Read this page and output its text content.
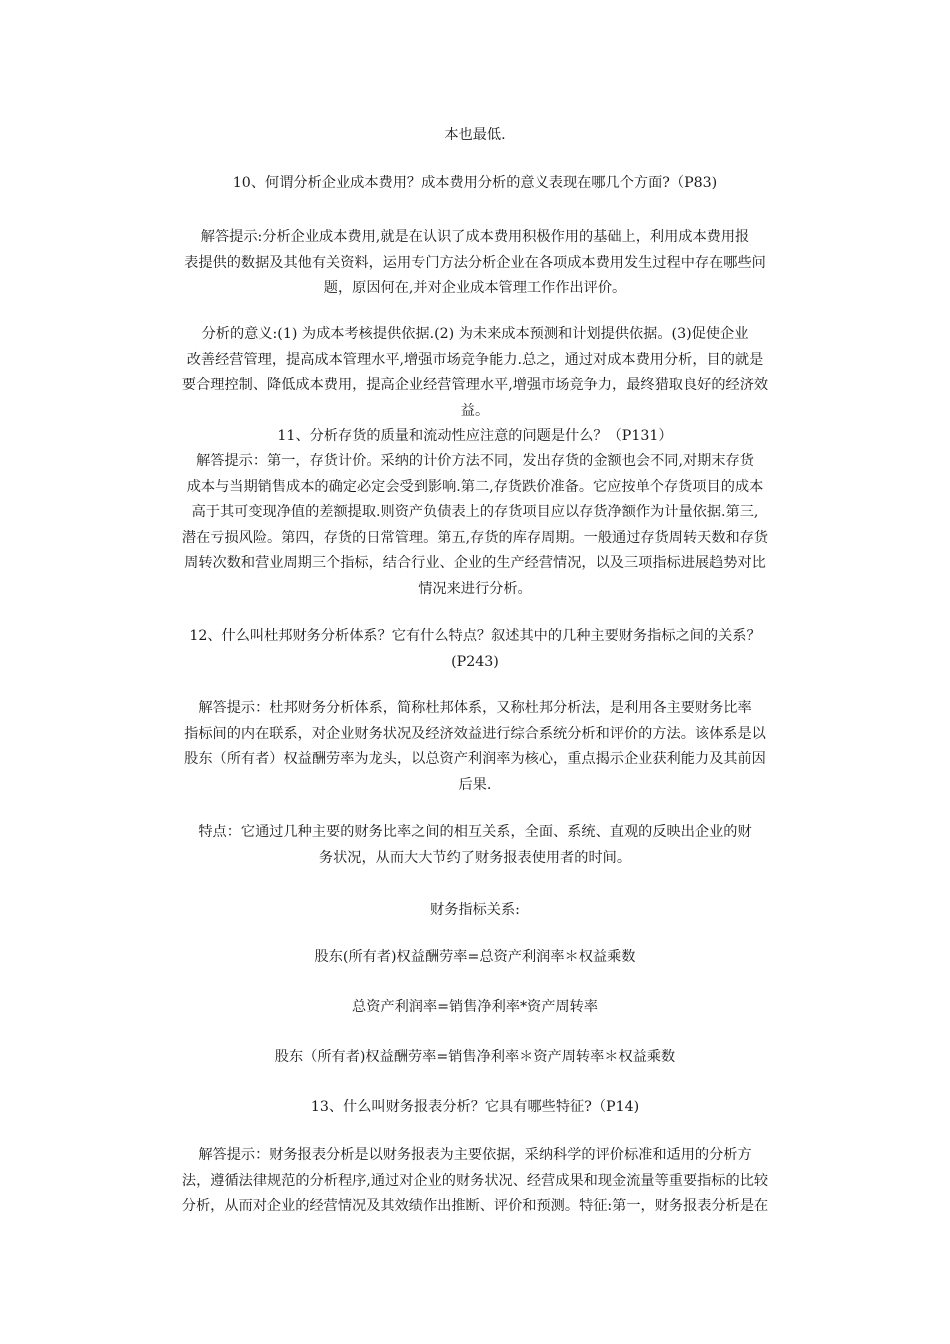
本也最低.
10、何谓分析企业成本费用？成本费用分析的意义表现在哪几个方面?（P83)
解答提示:分析企业成本费用,就是在认识了成本费用积极作用的基础上，利用成本费用报
表提供的数据及其他有关资料，运用专门方法分析企业在各项成本费用发生过程中存在哪些问
题，原因何在,并对企业成本管理工作作出评价。
分析的意义:(1) 为成本考核提供依据.(2) 为未来成本预测和计划提供依据。(3)促使企业
改善经营管理，提高成本管理水平,增强市场竞争能力.总之，通过对成本费用分析，目的就是
要合理控制、降低成本费用，提高企业经营管理水平,增强市场竞争力，最终猎取良好的经济效
益。
11、分析存货的质量和流动性应注意的问题是什么？（P131）
解答提示：第一，存货计价。采纳的计价方法不同，发出存货的金额也会不同,对期末存货
成本与当期销售成本的确定必定会受到影响.第二,存货跌价准备。它应按单个存货项目的成本
高于其可变现净值的差额提取.则资产负债表上的存货项目应以存货净额作为计量依据.第三,
潜在亏损风险。第四，存货的日常管理。第五,存货的库存周期。一般通过存货周转天数和存货
周转次数和营业周期三个指标，结合行业、企业的生产经营情况，以及三项指标进展趋势对比
情况来进行分析。
12、什么叫杜邦财务分析体系？它有什么特点？叙述其中的几种主要财务指标之间的关系？
(P243)
解答提示：杜邦财务分析体系，简称杜邦体系，又称杜邦分析法，是利用各主要财务比率
指标间的内在联系，对企业财务状况及经济效益进行综合系统分析和评价的方法。该体系是以
股东（所有者）权益酬劳率为龙头，以总资产利润率为核心，重点揭示企业获利能力及其前因
后果.
特点：它通过几种主要的财务比率之间的相互关系，全面、系统、直观的反映出企业的财
务状况，从而大大节约了财务报表使用者的时间。
财务指标关系:
股东(所有者)权益酬劳率=总资产利润率＊权益乘数
总资产利润率=销售净利率*资产周转率
股东（所有者)权益酬劳率=销售净利率＊资产周转率＊权益乘数
13、什么叫财务报表分析？它具有哪些特征?（P14)
解答提示：财务报表分析是以财务报表为主要依据，采纳科学的评价标准和适用的分析方
法，遵循法律规范的分析程序,通过对企业的财务状况、经营成果和现金流量等重要指标的比较
分析，从而对企业的经营情况及其效绩作出推断、评价和预测。特征:第一，财务报表分析是在
